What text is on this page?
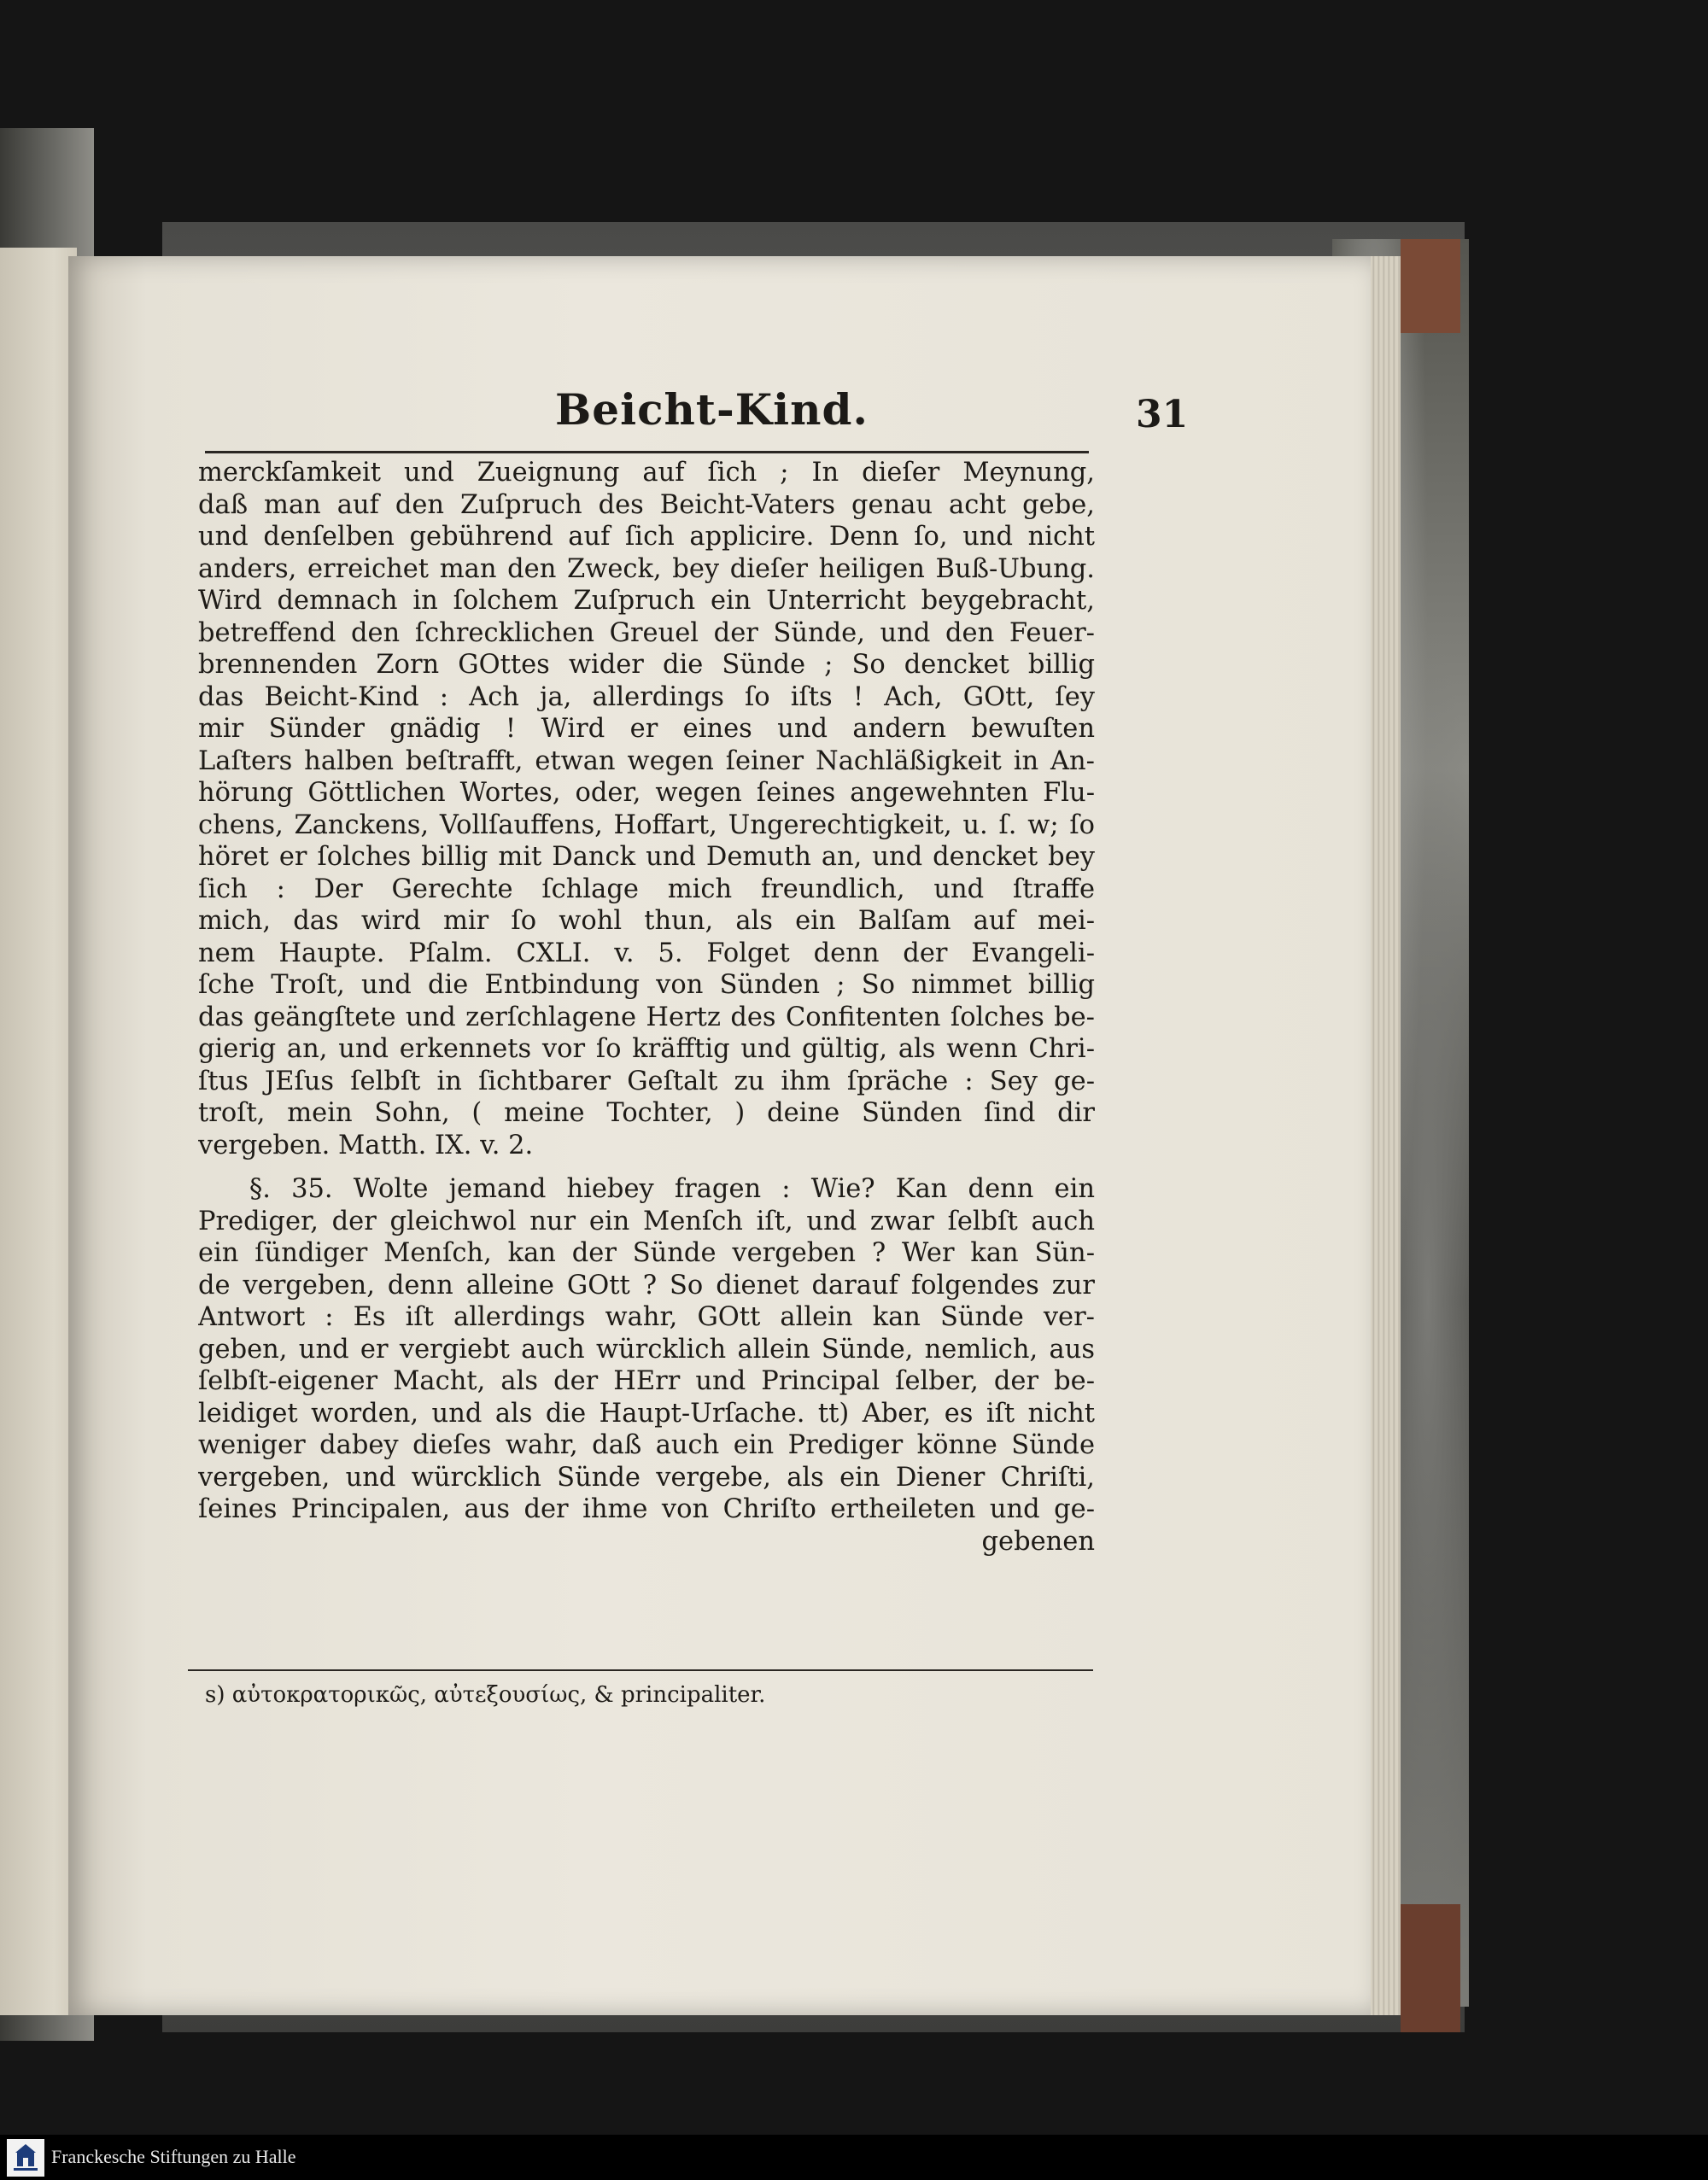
Beicht-Kind.	31
merckſamkeit und Zueignung auf ſich ; In dieſer Meynung,
daß man auf den Zuſpruch des Beicht-Vaters genau acht gebe,
und denſelben gebührend auf ſich applicire. Denn ſo, und nicht
anders, erreichet man den Zweck, bey dieſer heiligen Buß-Ubung.
Wird demnach in ſolchem Zuſpruch ein Unterricht beygebracht,
betreffend den ſchrecklichen Greuel der Sünde, und den Feuer-
brennenden Zorn GOttes wider die Sünde ; So dencket billig
das Beicht-Kind : Ach ja, allerdings ſo iſts ! Ach, GOtt, ſey
mir Sünder gnädig ! Wird er eines und andern bewuſten
Laſters halben beſtrafft, etwan wegen ſeiner Nachläßigkeit in An-
hörung Göttlichen Wortes, oder, wegen ſeines angewehnten Flu-
chens, Zanckens, Vollſauffens, Hoffart, Ungerechtigkeit, u. ſ. w; ſo
höret er ſolches billig mit Danck und Demuth an, und dencket bey
ſich : Der Gerechte ſchlage mich freundlich, und ſtraffe
mich, das wird mir ſo wohl thun, als ein Balſam auf mei-
nem Haupte. Pſalm. CXLI. v. 5. Folget denn der Evangeli-
ſche Troſt, und die Entbindung von Sünden ; So nimmet billig
das geängſtete und zerſchlagene Hertz des Confitenten ſolches be-
gierig an, und erkennets vor ſo kräfftig und gültig, als wenn Chri-
ſtus JEſus ſelbſt in ſichtbarer Geſtalt zu ihm ſpräche : Sey ge-
troſt, mein Sohn, ( meine Tochter, ) deine Sünden ſind dir
vergeben. Matth. IX. v. 2.
§. 35. Wolte jemand hiebey fragen : Wie? Kan denn ein
Prediger, der gleichwol nur ein Menſch iſt, und zwar ſelbſt auch
ein ſündiger Menſch, kan der Sünde vergeben ? Wer kan Sün-
de vergeben, denn alleine GOtt ? So dienet darauf folgendes zur
Antwort : Es iſt allerdings wahr, GOtt allein kan Sünde ver-
geben, und er vergiebt auch würcklich allein Sünde, nemlich, aus
ſelbſt-eigener Macht, als der HErr und Principal ſelber, der be-
leidiget worden, und als die Haupt-Urſache. tt) Aber, es iſt nicht
weniger dabey dieſes wahr, daß auch ein Prediger könne Sünde
vergeben, und würcklich Sünde vergebe, als ein Diener Chriſti,
ſeines Principalen, aus der ihme von Chriſto ertheileten und ge-
gebenen
s) αὐτοκρατορικῶς, αὐτεξουσίως, & principaliter.
Franckesche Stiftungen zu Halle
